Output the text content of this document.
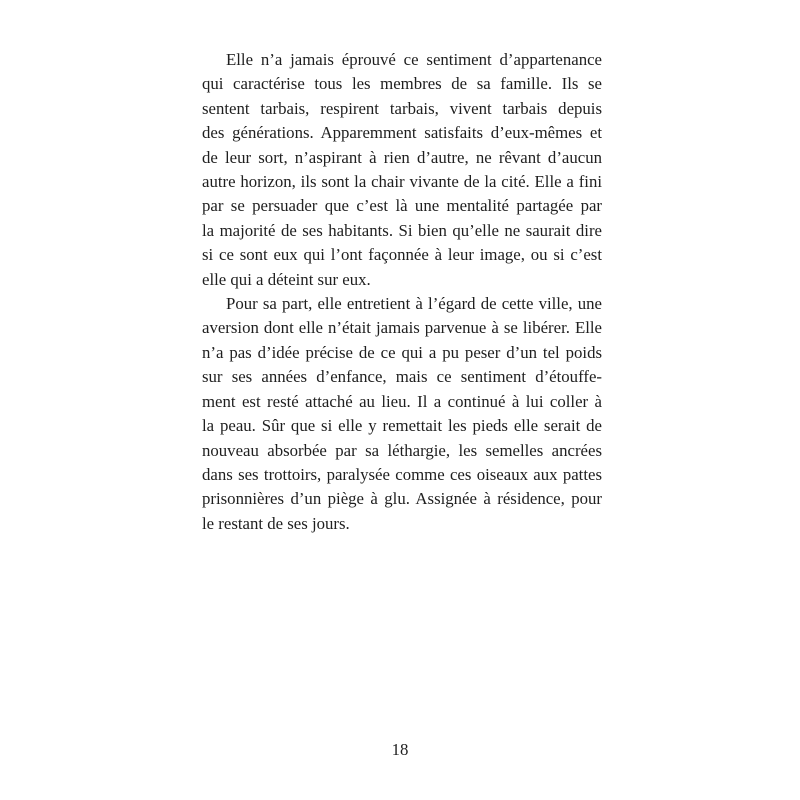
Elle n’a jamais éprouvé ce sentiment d’appartenance
qui caractérise tous les membres de sa famille. Ils se
sentent tarbais, respirent tarbais, vivent tarbais depuis
des générations. Apparemment satisfaits d’eux-mêmes et
de leur sort, n’aspirant à rien d’autre, ne rêvant d’aucun
autre horizon, ils sont la chair vivante de la cité. Elle a fini
par se persuader que c’est là une mentalité partagée par
la majorité de ses habitants. Si bien qu’elle ne saurait dire
si ce sont eux qui l’ont façonnée à leur image, ou si c’est
elle qui a déteint sur eux.

Pour sa part, elle entretient à l’égard de cette ville, une
aversion dont elle n’était jamais parvenue à se libérer. Elle
n’a pas d’idée précise de ce qui a pu peser d’un tel poids
sur ses années d’enfance, mais ce sentiment d’étouffe-
ment est resté attaché au lieu. Il a continué à lui coller à
la peau. Sûr que si elle y remettait les pieds elle serait de
nouveau absorbée par sa léthargie, les semelles ancrées
dans ses trottoirs, paralysée comme ces oiseaux aux pattes
prisonnières d’un piège à glu. Assignée à résidence, pour
le restant de ses jours.

18
